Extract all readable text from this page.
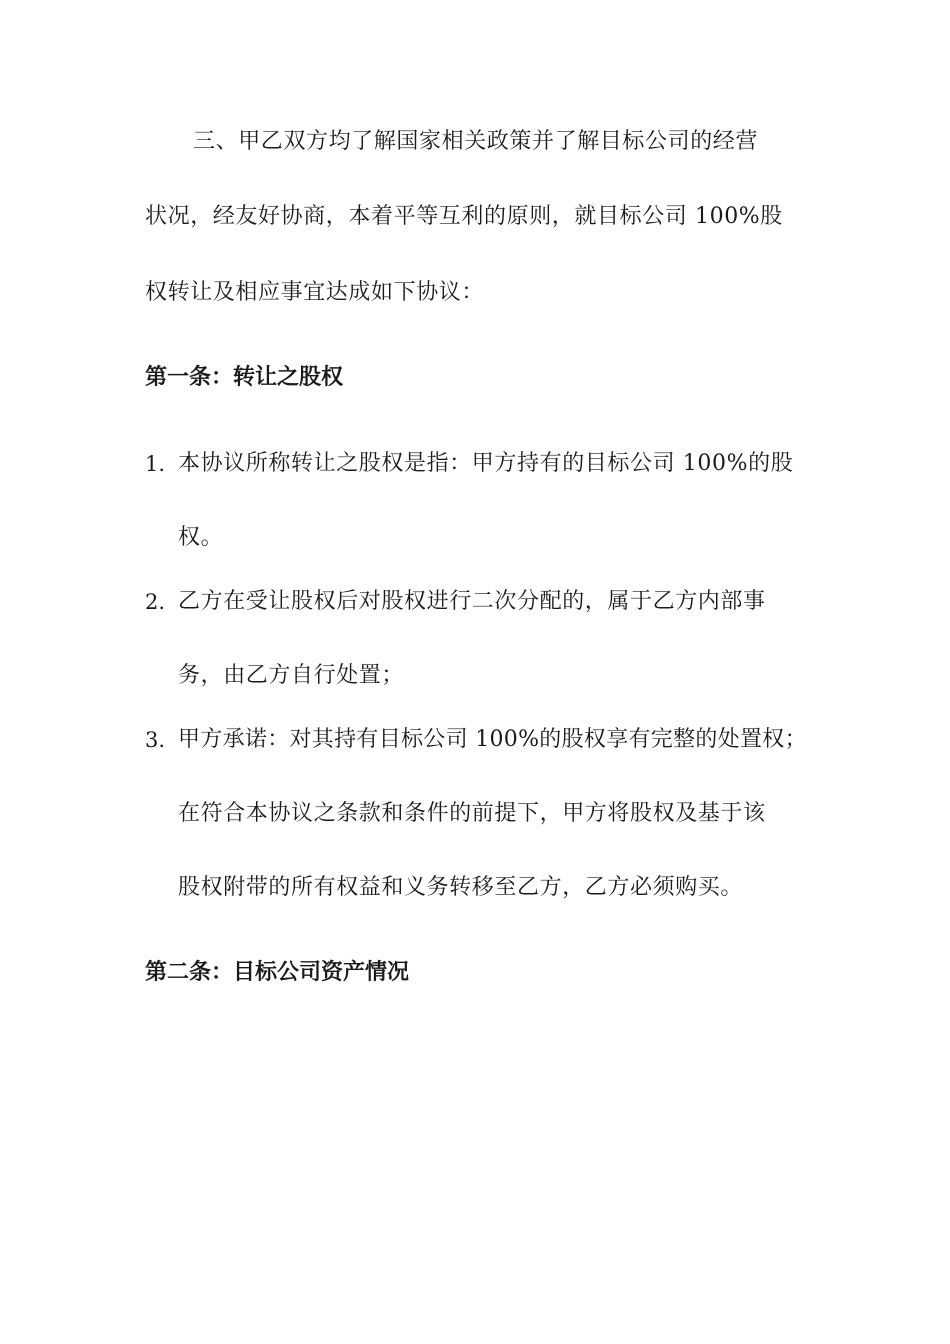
三、甲乙双方均了解国家相关政策并了解目标公司的经营
状况，经友好协商，本着平等互利的原则，就目标公司 100%股
权转让及相应事宜达成如下协议：
第一条：转让之股权
1. 本协议所称转让之股权是指：甲方持有的目标公司 100%的股
权。
2. 乙方在受让股权后对股权进行二次分配的，属于乙方内部事
务，由乙方自行处置；
3. 甲方承诺：对其持有目标公司 100%的股权享有完整的处置权；
在符合本协议之条款和条件的前提下，甲方将股权及基于该
股权附带的所有权益和义务转移至乙方，乙方必须购买。
第二条：目标公司资产情况
